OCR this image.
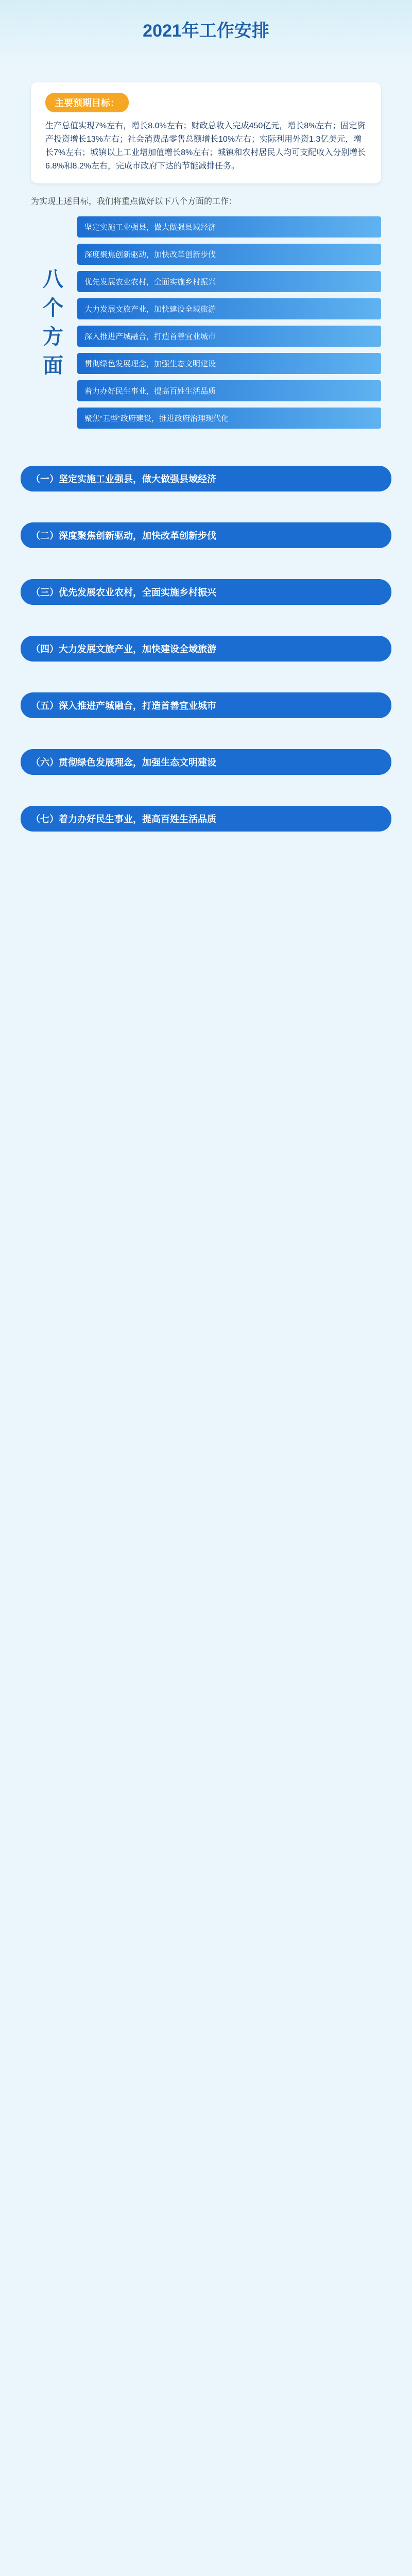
2021年工作安排
主要预期目标：
生产总值实现7%左右，增长8.0%左右；财政总收入完成450亿元，增长8%左右；固定资产投资增长13%左右；社会消费品零售总额增长10%左右；实际利用外资1.3亿美元，增长7%左右；城镇以上工业增加值增长8%左右；城镇和农村居民人均可支配收入分别增长6.8%和8.2%左右，完成市政府下达的节能减排任务。
为实现上述目标，我们将重点做好以下八个方面的工作：
八个方面
坚定实施工业强县，做大做强县域经济
深度聚焦创新驱动，加快改革创新步伐
优先发展农业农村，全面实施乡村振兴
大力发展文旅产业，加快建设全域旅游
深入推进产城融合，打造首善宜业城市
贯彻绿色发展理念，加强生态文明建设
着力办好民生事业，提高百姓生活品质
聚焦“五型”政府建设，推进政府治理现代化
（一）坚定实施工业强县，做大做强县域经济
（二）深度聚焦创新驱动，加快改革创新步伐
（三）优先发展农业农村，全面实施乡村振兴
（四）大力发展文旅产业，加快建设全域旅游
（五）深入推进产城融合，打造首善宜业城市
（六）贯彻绿色发展理念，加强生态文明建设
（七）着力办好民生事业，提高百姓生活品质
